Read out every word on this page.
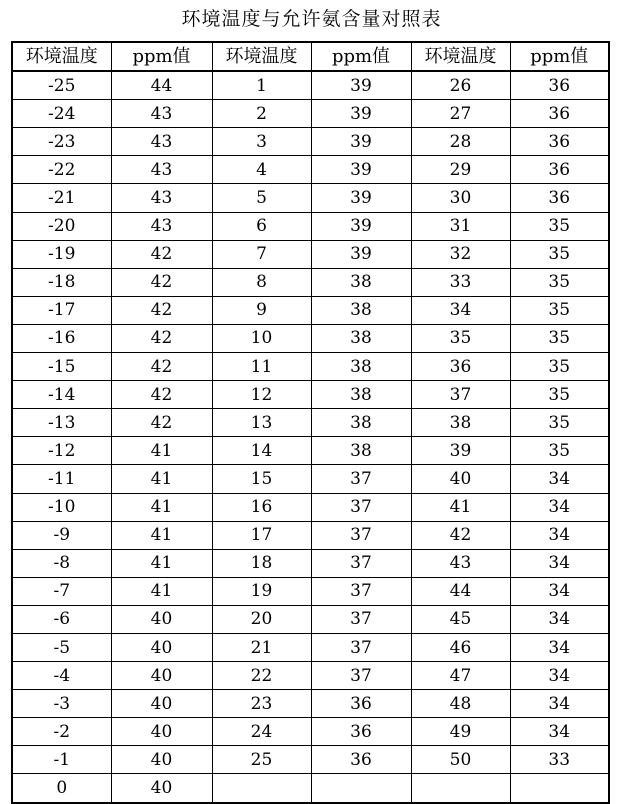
环境温度与允许氨含量对照表
环境温度	ppm值	环境温度	ppm值	环境温度	ppm值
-25	44	1	39	26	36
-24	43	2	39	27	36
-23	43	3	39	28	36
-22	43	4	39	29	36
-21	43	5	39	30	36
-20	43	6	39	31	35
-19	42	7	39	32	35
-18	42	8	38	33	35
-17	42	9	38	34	35
-16	42	10	38	35	35
-15	42	11	38	36	35
-14	42	12	38	37	35
-13	42	13	38	38	35
-12	41	14	38	39	35
-11	41	15	37	40	34
-10	41	16	37	41	34
-9	41	17	37	42	34
-8	41	18	37	43	34
-7	41	19	37	44	34
-6	40	20	37	45	34
-5	40	21	37	46	34
-4	40	22	37	47	34
-3	40	23	36	48	34
-2	40	24	36	49	34
-1	40	25	36	50	33
0	40				
